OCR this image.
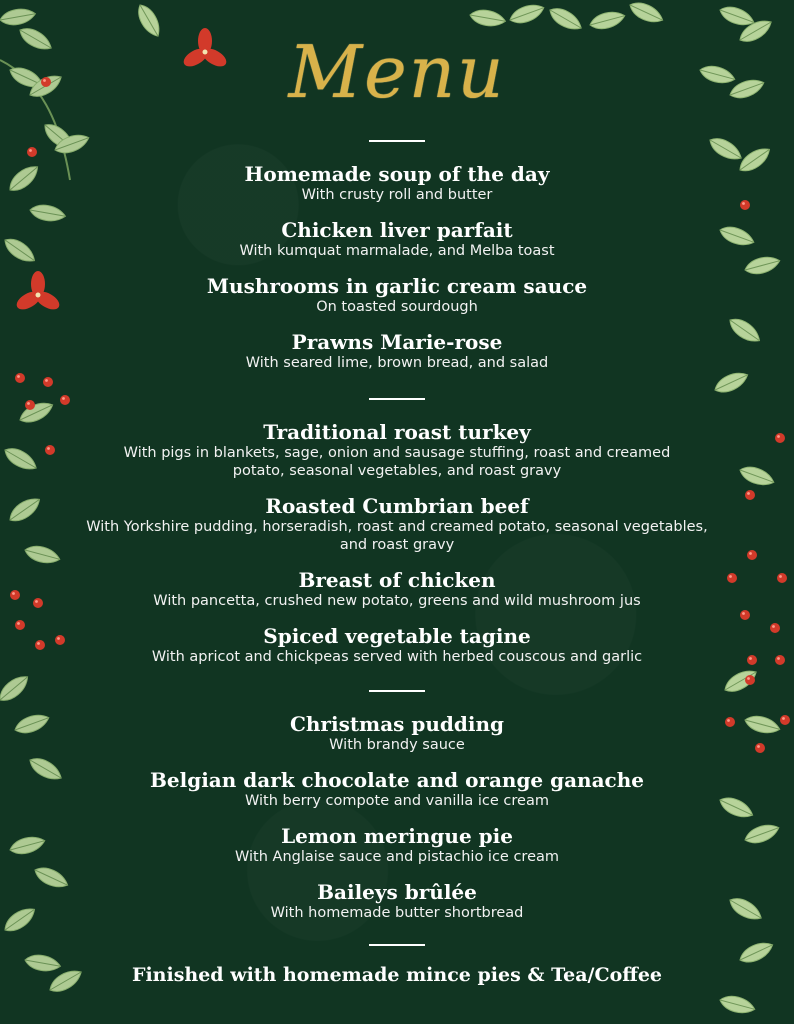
Menu
Homemade soup of the day
With crusty roll and butter
Chicken liver parfait
With kumquat marmalade, and Melba toast
Mushrooms in garlic cream sauce
On toasted sourdough
Prawns Marie-rose
With seared lime, brown bread, and salad
Traditional roast turkey
With pigs in blankets, sage, onion and sausage stuffing, roast and creamed potato, seasonal vegetables, and roast gravy
Roasted Cumbrian beef
With Yorkshire pudding, horseradish, roast and creamed potato, seasonal vegetables, and roast gravy
Breast of chicken
With pancetta, crushed new potato, greens and wild mushroom jus
Spiced vegetable tagine
With apricot and chickpeas served with herbed couscous and garlic
Christmas pudding
With brandy sauce
Belgian dark chocolate and orange ganache
With berry compote and vanilla ice cream
Lemon meringue pie
With Anglaise sauce and pistachio ice cream
Baileys brûlée
With homemade butter shortbread
Finished with homemade mince pies & Tea/Coffee
